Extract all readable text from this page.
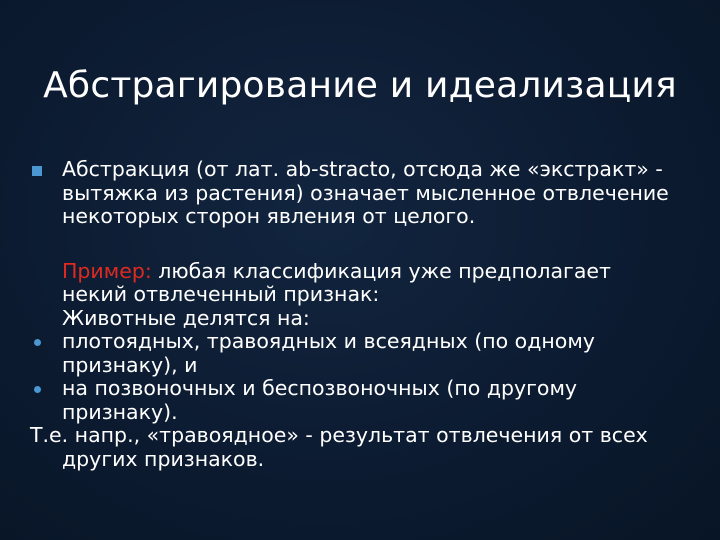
Абстрагирование и идеализация
Абстракция (от лат. ab-stracto, отсюда же «экстракт» -
вытяжка из растения) означает мысленное отвлечение
некоторых сторон явления от целого.
Пример: любая классификация уже предполагает
некий отвлеченный признак:
Животные делятся на:
плотоядных, травоядных и всеядных (по одному
признаку), и
на позвоночных и беспозвоночных (по другому
признаку).
Т.е. напр., «травоядное» - результат отвлечения от всех
других признаков.
